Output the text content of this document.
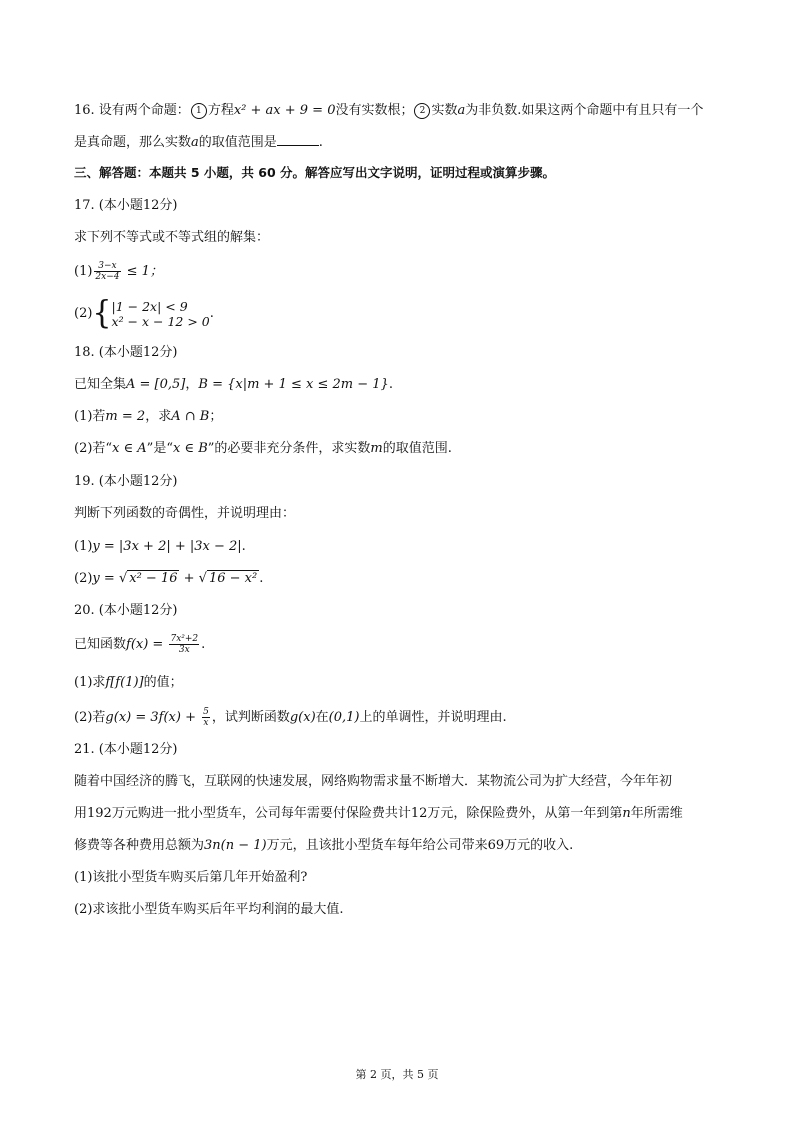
16. 设有两个命题： 1 方程x² + ax + 9 = 0没有实数根； 2 实数a为非负数.如果这两个命题中有且只有一个
是真命题，那么实数a的取值范围是	.
三、解答题：本题共 5 小题，共 60 分。解答应写出文字说明，证明过程或演算步骤。
17. (本小题12分)
求下列不等式或不等式组的解集：
$(1) \frac{3-x}{2x-4} \le 1$；
(2){ |1 − 2x| < 9
x² − x − 12 > 0
.
18. (本小题12分)
已知全集A = [0,5]，B = {x|m + 1 ≤ x ≤ 2m − 1}.
(1)若m = 2，求A ∩ B；
(2)若“x ∈ A”是“x ∈ B”的必要非充分条件，求实数m的取值范围.
19. (本小题12分)
判断下列函数的奇偶性，并说明理由：
(1)y = |3x + 2| + |3x − 2|.
(2)y = √ x² − 16 + √ 16 − x² .
20. (本小题12分)
已知函数$f(x) = \frac{\text{7x²+2}}{3x}$ .
(1)求f[f(1)]的值；
(2)若$g(x) = 3f(x) + \frac{5}{x}$ ，试判断函数g(x)在(0,1)上的单调性，并说明理由.
21. (本小题12分)
随着中国经济的腾飞，互联网的快速发展，网络购物需求量不断增大．某物流公司为扩大经营，今年年初
用192万元购进一批小型货车，公司每年需要付保险费共计12万元，除保险费外，从第一年到第n年所需维
修费等各种费用总额为3n(n − 1)万元，且该批小型货车每年给公司带来69万元的收入.
(1)该批小型货车购买后第几年开始盈利?
(2)求该批小型货车购买后年平均利润的最大值.
第 2 页，共 5 页
